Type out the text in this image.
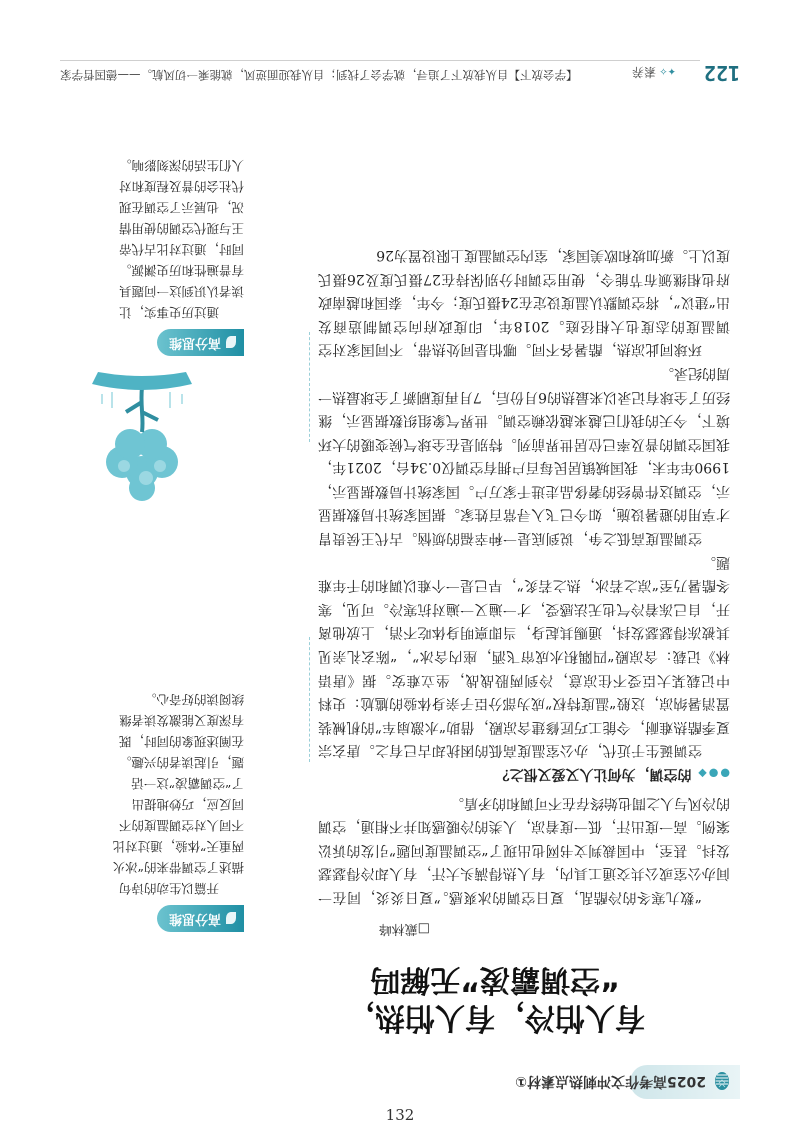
2025高考作文冲刺热点素材①
有人怕冷，有人怕热，
“空调霸凌”无解吗
□戴林峰

“数九寒冬的冷酷乱，夏日空调的冰爽感。”夏日炎炎，同在一间办公室或公共交通工具内，有人热得满头大汗，有人却冷得瑟瑟发抖。甚至，中国裁判文书网也出现了“空调温度问题”引发的诉讼案例。高一度出汗，低一度着凉，人类的冷暖感知并不相通，空调的冷风与人之間也始终存在不可调和的矛盾。

●●◆ 的空调，为何让人又爱又恨之？

空调诞生于近代，办公室温度高低的困扰却古已有之。唐玄宗夏季酷热难耐，令能工巧匠修建含凉殿，借助“水激扇车”的机械装置消暑纳凉，这般“温度特权”成为部分臣子亲身体验的尴尬：史料中记载某大臣受不住凉意，冷到两股战战，坐立难安。据《唐语林》记载：含凉殿“四隅积水成帘飞洒，座内含冰”，“陈玄礼亲见其被冻得瑟瑟发抖，通赐其起身，当即禀明身体吃不消，上放他离开，自己冻着冷气也无法感受，才一遍又一遍对抗寒冷。可见，寒冬酷暑乃至“凉之若冰，热之若炙”，早已是一个难以调和的千年难题。

空调温度高低之争，说到底是一种幸福的烦恼。古代王侯贵胄才享用的避暑设施，如今已飞入寻常百姓家。据国家统计局数据显示，空调这件曾经的奢侈品走进千家万户。国家统计局数据显示，1990年年末，我国城镇居民每百户拥有空调仅0.34台，2021年，我国空调的普及率已位居世界前列。特别是在全球气候变暖的大环境下，今天的我们已越来越依赖空调。世界气象组织数据显示，继经历了全球有记录以来最热的6月份后，7月再度刷新了全球最热一周的纪录。

环球同此凉热，酷暑各不同。哪怕是同处热带，不同国家对空调温度的态度也大相径庭。2018年，印度政府向空调制造商发出“建议”，将空调默认温度设定在24摄氏度；今年，泰国和越南政府也相继颁布节能令，使用空调时分别保持在27摄氏度及26摄氏度以上。新加坡和欧美国家，室内空调温度上限设置为26

高分思维

开篇以生动的诗句描述了空调带来的“冰火两重天”体验，通过对比不同人对空调温度的不同反应，巧妙地提出了“空调霸凌”这一话题，引起读者的兴趣。在阐述现象的同时，既有深度又能激发读者继续阅读的好奇心。

高分思维

通过历史事实，让读者认识到这一问题具有普遍性和历史渊源。同时，通过对比古代帝王与现代空调的使用情况，也展示了空调在现代社会的普及程度和对人们生活的深刻影响。

122
✦✧ 素养
【学会放下】自从我放下了追寻，就学会了找到；自从我迎面逆风，就能乘一切风航。——德国哲学家
132
